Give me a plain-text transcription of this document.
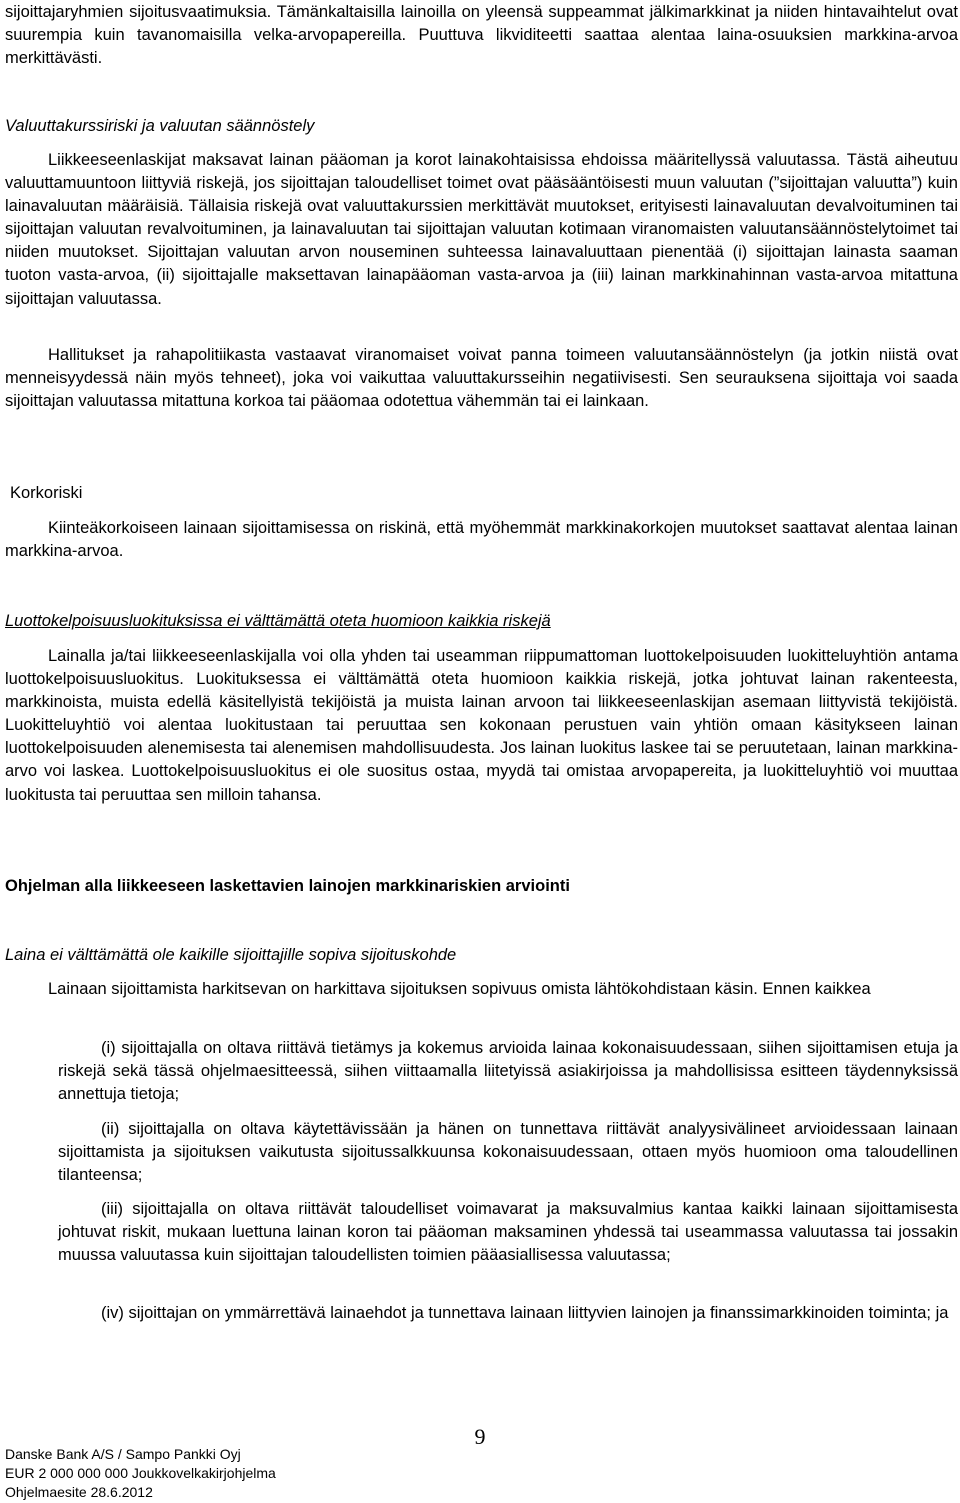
sijoittajaryhmien sijoitusvaatimuksia. Tämänkaltaisilla lainoilla on yleensä suppeammat jälkimarkkinat ja niiden hintavaihtelut ovat suurempia kuin tavanomaisilla velka-arvopapereilla. Puuttuva likviditeetti saattaa alentaa laina-osuuksien markkina-arvoa merkittävästi.
Valuuttakurssiriski ja valuutan säännöstely
Liikkeeseenlaskijat maksavat lainan pääoman ja korot lainakohtaisissa ehdoissa määritellyssä valuutassa. Tästä aiheutuu valuuttamuuntoon liittyviä riskejä, jos sijoittajan taloudelliset toimet ovat pääsääntöisesti muun valuutan (”sijoittajan valuutta”) kuin lainavaluutan määräisiä. Tällaisia riskejä ovat valuuttakurssien merkittävät muutokset, erityisesti lainavaluutan devalvoituminen tai sijoittajan valuutan revalvoituminen, ja lainavaluutan tai sijoittajan valuutan kotimaan viranomaisten valuutansäännöstelytoimet tai niiden muutokset. Sijoittajan valuutan arvon nouseminen suhteessa lainavaluuttaan pienentää (i) sijoittajan lainasta saaman tuoton vasta-arvoa, (ii) sijoittajalle maksettavan lainapääoman vasta-arvoa ja (iii) lainan markkinahinnan vasta-arvoa mitattuna sijoittajan valuutassa.
Hallitukset ja rahapolitiikasta vastaavat viranomaiset voivat panna toimeen valuutansäännöstelyn (ja jotkin niistä ovat menneisyydessä näin myös tehneet), joka voi vaikuttaa valuuttakursseihin negatiivisesti. Sen seurauksena sijoittaja voi saada sijoittajan valuutassa mitattuna korkoa tai pääomaa odotettua vähemmän tai ei lainkaan.
Korkoriski
Kiinteäkorkoiseen lainaan sijoittamisessa on riskinä, että myöhemmät markkinakorkojen muutokset saattavat alentaa lainan markkina-arvoa.
Luottokelpoisuusluokituksissa ei välttämättä oteta huomioon kaikkia riskejä
Lainalla ja/tai liikkeeseenlaskijalla voi olla yhden tai useamman riippumattoman luottokelpoisuuden luokitteluyhtiön antama luottokelpoisuusluokitus. Luokituksessa ei välttämättä oteta huomioon kaikkia riskejä, jotka johtuvat lainan rakenteesta, markkinoista, muista edellä käsitellyistä tekijöistä ja muista lainan arvoon tai liikkeeseenlaskijan asemaan liittyvistä tekijöistä. Luokitteluyhtiö voi alentaa luokitustaan tai peruuttaa sen kokonaan perustuen vain yhtiön omaan käsitykseen lainan luottokelpoisuuden alenemisesta tai alenemisen mahdollisuudesta. Jos lainan luokitus laskee tai se peruutetaan, lainan markkina-arvo voi laskea. Luottokelpoisuusluokitus ei ole suositus ostaa, myydä tai omistaa arvopapereita, ja luokitteluyhtiö voi muuttaa luokitusta tai peruuttaa sen milloin tahansa.
Ohjelman alla liikkeeseen laskettavien lainojen markkinariskien arviointi
Laina ei välttämättä ole kaikille sijoittajille sopiva sijoituskohde
Lainaan sijoittamista harkitsevan on harkittava sijoituksen sopivuus omista lähtökohdistaan käsin. Ennen kaikkea
(i) sijoittajalla on oltava riittävä tietämys ja kokemus arvioida lainaa kokonaisuudessaan, siihen sijoittamisen etuja ja riskejä sekä tässä ohjelmaesitteessä, siihen viittaamalla liitetyissä asiakirjoissa ja mahdollisissa esitteen täydennyksissä annettuja tietoja;
(ii) sijoittajalla on oltava käytettävissään ja hänen on tunnettava riittävät analyysivälineet arvioidessaan lainaan sijoittamista ja sijoituksen vaikutusta sijoitussalkkuunsa kokonaisuudessaan, ottaen myös huomioon oma taloudellinen tilanteensa;
(iii) sijoittajalla on oltava riittävät taloudelliset voimavarat ja maksuvalmius kantaa kaikki lainaan sijoittamisesta johtuvat riskit, mukaan luettuna lainan koron tai pääoman maksaminen yhdessä tai useammassa valuutassa tai jossakin muussa valuutassa kuin sijoittajan taloudellisten toimien pääasiallisessa valuutassa;
(iv) sijoittajan on ymmärrettävä lainaehdot ja tunnettava lainaan liittyvien lainojen ja finanssimarkkinoiden toiminta; ja
9
Danske Bank A/S / Sampo Pankki Oyj
EUR 2 000 000 000 Joukkovelkakirjohjelma
Ohjelmaesite 28.6.2012
